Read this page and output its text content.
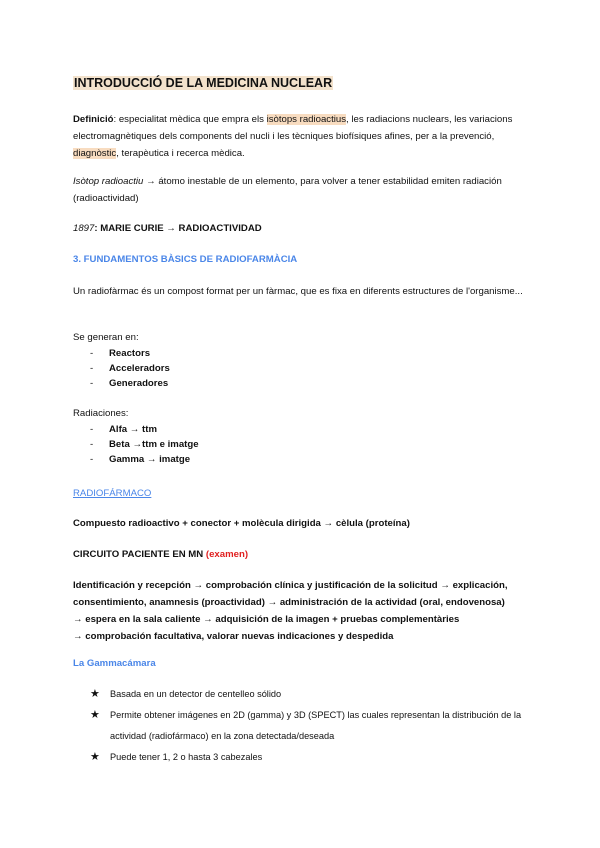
INTRODUCCIÓ DE LA MEDICINA NUCLEAR
Definició: especialitat mèdica que empra els isòtops radioactius, les radiacions nuclears, les variacions electromagnètiques dels components del nucli i les tècniques biofísiques afines, per a la prevenció, diagnòstic, terapèutica i recerca mèdica.
Isòtop radioactiu → átomo inestable de un elemento, para volver a tener estabilidad emiten radiación (radioactividad)
1897: MARIE CURIE → RADIOACTIVIDAD
3. FUNDAMENTOS BÀSICS DE RADIOFARMÀCIA
Un radiofàrmac és un compost format per un fàrmac, que es fixa en diferents estructures de l'organisme...
Se generan en:
- Reactors
- Acceleradors
- Generadores
Radiaciones:
- Alfa → ttm
- Beta →ttm e imatge
- Gamma → imatge
RADIOFÁRMACO
Compuesto radioactivo + conector + molècula dirigida → cèlula (proteína)
CIRCUITO PACIENTE EN MN (examen)
Identificación y recepción → comprobación clínica y justificación de la solicitud → explicación,
consentimiento, anamnesis (proactividad) → administración de la actividad (oral, endovenosa)
→ espera en la sala caliente → adquisición de la imagen + pruebas complementàries
→ comprobación facultativa, valorar nuevas indicaciones y despedida
La Gammacámara
★ Basada en un detector de centelleo sólido
★ Permite obtener imágenes en 2D (gamma) y 3D (SPECT) las cuales representan la distribución de la actividad (radiofármaco) en la zona detectada/deseada
★ Puede tener 1, 2 o hasta 3 cabezales
